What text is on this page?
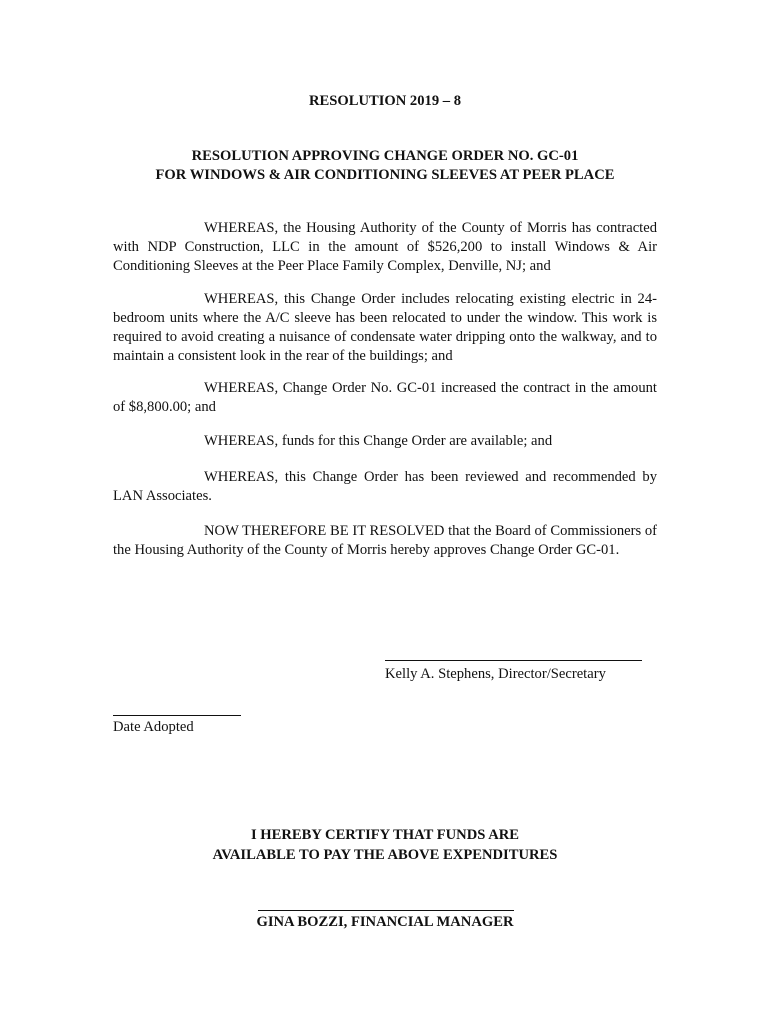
RESOLUTION 2019 – 8
RESOLUTION APPROVING CHANGE ORDER NO. GC-01
FOR WINDOWS & AIR CONDITIONING SLEEVES AT PEER PLACE

WHEREAS, the Housing Authority of the County of Morris has contracted with NDP Construction, LLC in the amount of $526,200 to install Windows & Air Conditioning Sleeves at the Peer Place Family Complex, Denville, NJ; and

WHEREAS, this Change Order includes relocating existing electric in 24-bedroom units where the A/C sleeve has been relocated to under the window. This work is required to avoid creating a nuisance of condensate water dripping onto the walkway, and to maintain a consistent look in the rear of the buildings; and

WHEREAS, Change Order No. GC-01 increased the contract in the amount of $8,800.00; and

WHEREAS, funds for this Change Order are available; and

WHEREAS, this Change Order has been reviewed and recommended by LAN Associates.

NOW THEREFORE BE IT RESOLVED that the Board of Commissioners of the Housing Authority of the County of Morris hereby approves Change Order GC-01.

Kelly A. Stephens, Director/Secretary
Date Adopted
I HEREBY CERTIFY THAT FUNDS ARE
AVAILABLE TO PAY THE ABOVE EXPENDITURES
GINA BOZZI, FINANCIAL MANAGER
